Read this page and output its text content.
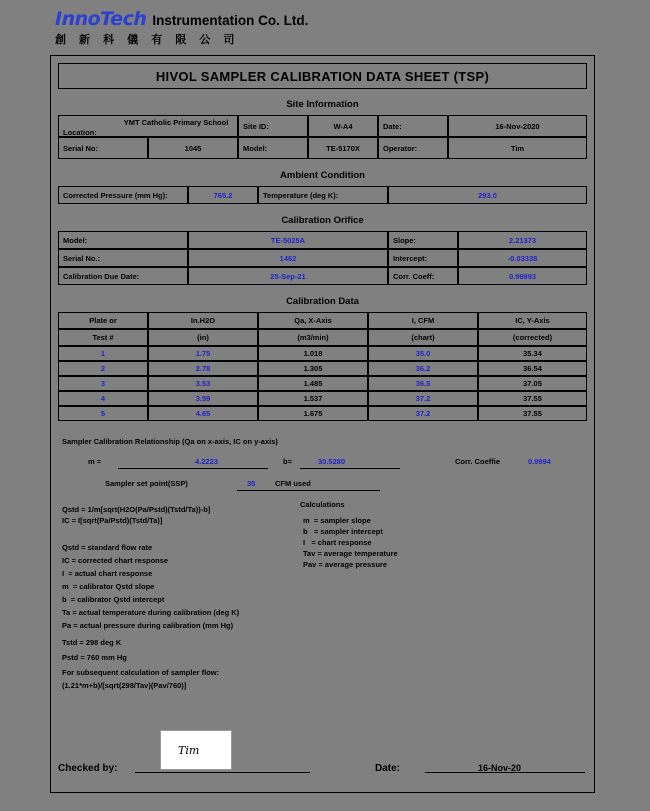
InnoTech Instrumentation Co. Ltd.
創 新 科 儀 有 限 公 司
HIVOL SAMPLER CALIBRATION DATA SHEET (TSP)
Site Information
Location:
YMT Catholic Primary School	Site ID:	W-A4	Date:	16-Nov-2020
Serial No:	1045	Model:	TE-5170X	Operator:	Tim
Ambient Condition
Corrected Pressure (mm Hg):	765.2	Temperature (deg K):	293.0
Calibration Orifice
Model:	TE-5025A	Slope:	2.21373
Serial No.:	1462	Intercept:	-0.03338
Calibration Due Date:	25-Sep-21	Corr. Coeff:	0.99993
Calibration Data
Plate or	In.H2O	Qa, X-Axis	I, CFM	IC, Y-Axis
Test #	(in)	(m3/min)	(chart)	(corrected)
1	1.75	1.018	35.0	35.34
2	2.78	1.305	36.2	36.54
3	3.53	1.485	36.5	37.05
4	3.59	1.537	37.2	37.55
5	4.65	1.675	37.2	37.55
Sampler Calibration Relationship (Qa on x-axis, IC on y-axis)
m =	4.2223	b=	30.5280	Corr. Coeffie	0.9994
Sampler set point(SSP)	35	CFM used
Qstd = 1/m[sqrt(H2O(Pa/Pstd)(Tstd/Ta))-b]
IC = I[sqrt(Pa/Pstd)(Tstd/Ta)]
Calculations
m  = sampler slope
b   = sampler intercept
I   = chart response
Tav = average temperature
Pav = average pressure
Qstd = standard flow rate
IC = corrected chart response
I  = actual chart response
m  = calibrator Qstd slope
b  = calibrator Qstd intercept
Ta = actual temperature during calibration (deg K)
Pa = actual pressure during calibration (mm Hg)
Tstd = 298 deg K
Pstd = 760 mm Hg
For subsequent calculation of sampler flow:
(1.21*m+b)/[sqrt(298/Tav)(Pav/760)]
Tim
Checked by:	Date:	16-Nov-20
